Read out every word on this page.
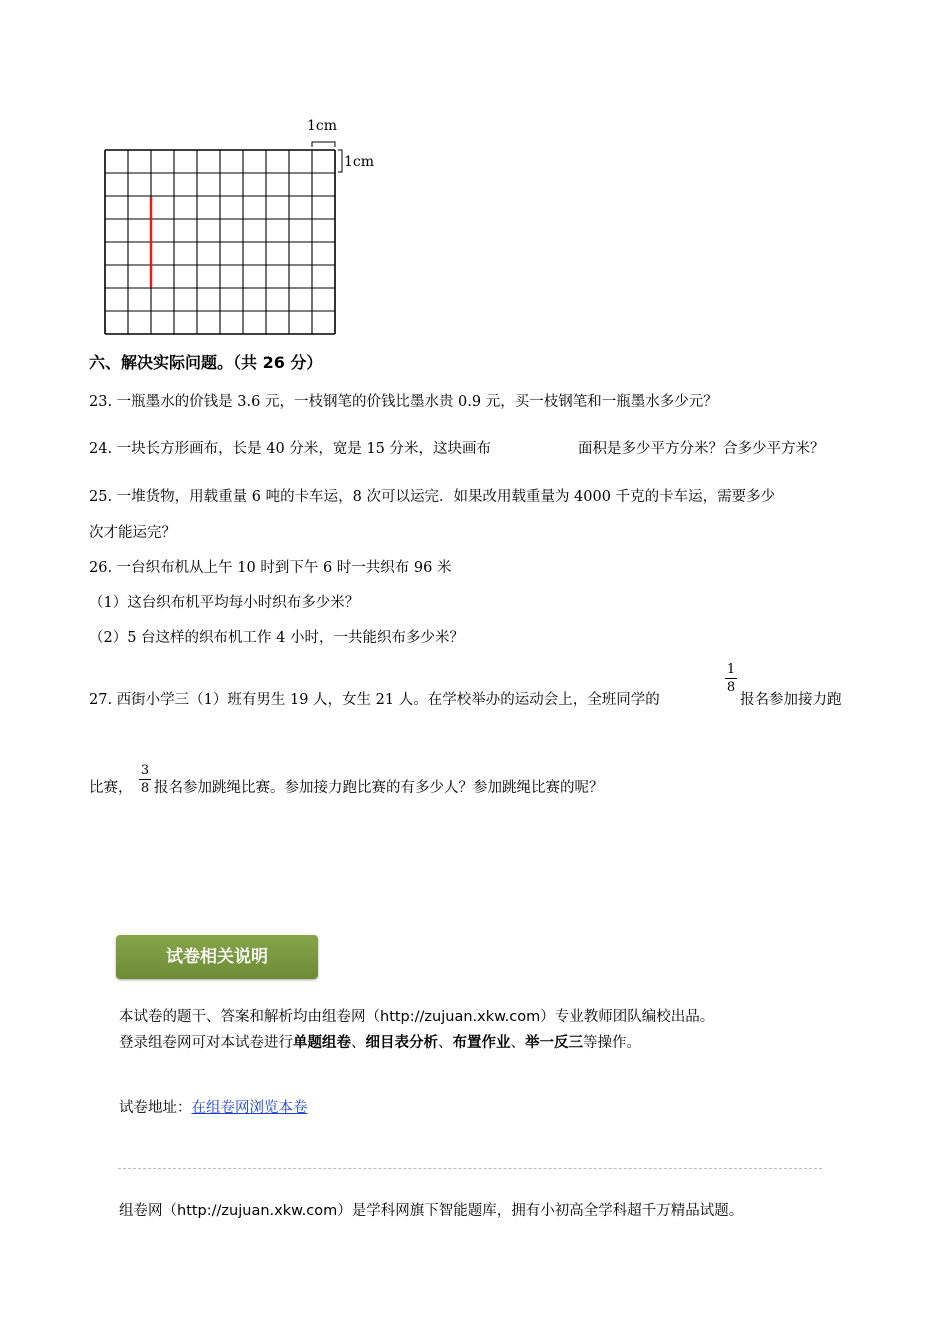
1cm
1cm
六、解决实际问题。（共 26 分）
23. 一瓶墨水的价钱是 3.6 元，一枝钢笔的价钱比墨水贵 0.9 元，买一枝钢笔和一瓶墨水多少元？
24. 一块长方形画布，长是 40 分米，宽是 15 分米，这块画布	面积是多少平方分米？合多少平方米？
25. 一堆货物，用载重量 6 吨的卡车运，8 次可以运完．如果改用载重量为 4000 千克的卡车运，需要多少
次才能运完？
26. 一台织布机从上午 10 时到下午 6 时一共织布 96 米
（1）这台织布机平均每小时织布多少米？
（2）5 台这样的织布机工作 4 小时，一共能织布多少米？
27. 西街小学三（1）班有男生 19 人，女生 21 人。在学校举办的运动会上，全班同学的
1
8
报名参加接力跑
比赛，
3
8 报名参加跳绳比赛。参加接力跑比赛的有多少人？参加跳绳比赛的呢？
试卷相关说明
本试卷的题干、答案和解析均由组卷网（http://zujuan.xkw.com）专业教师团队编校出品。
登录组卷网可对本试卷进行单题组卷、细目表分析、布置作业、举一反三等操作。
试卷地址：在组卷网浏览本卷
组卷网（http://zujuan.xkw.com）是学科网旗下智能题库，拥有小初高全学科超千万精品试题。
